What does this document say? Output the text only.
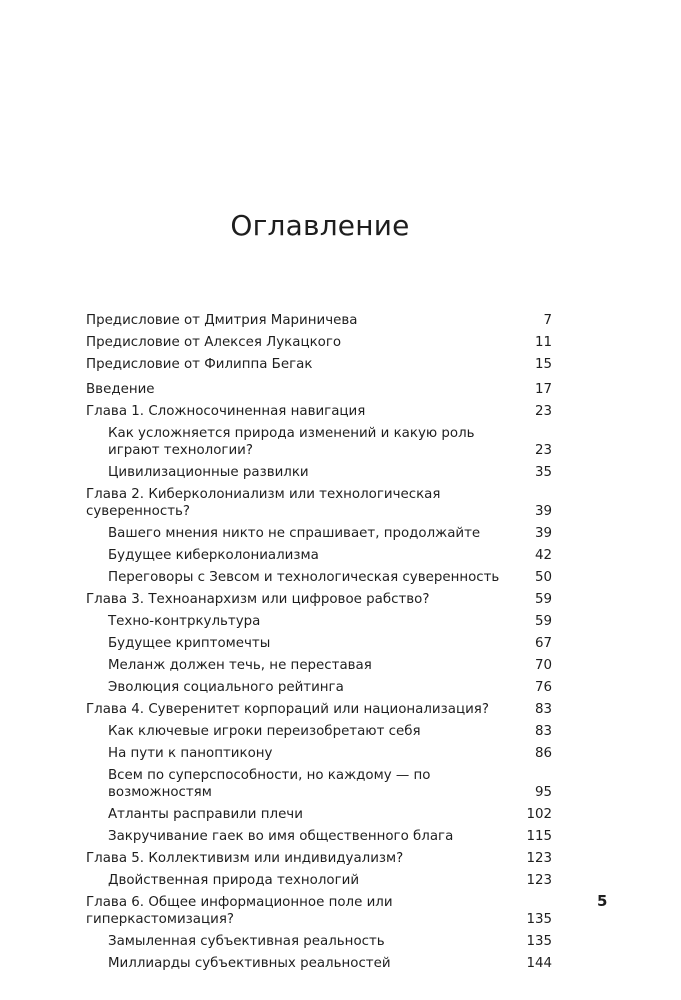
Оглавление
Предисловие от Дмитрия Мариничева	7
Предисловие от Алексея Лукацкого	11
Предисловие от Филиппа Бегак	15
Введение	17
Глава 1. Сложносочиненная навигация	23
Как усложняется природа изменений и какую роль играют технологии?	23
Цивилизационные развилки	35
Глава 2. Киберколониализм или технологическая суверенность?	39
Вашего мнения никто не спрашивает, продолжайте	39
Будущее киберколониализма	42
Переговоры с Зевсом и технологическая суверенность	50
Глава 3. Техноанархизм или цифровое рабство?	59
Техно-контркультура	59
Будущее криптомечты	67
Меланж должен течь, не переставая	70
Эволюция социального рейтинга	76
Глава 4. Суверенитет корпораций или национализация?	83
Как ключевые игроки переизобретают себя	83
На пути к паноптикону	86
Всем по суперспособности, но каждому — по возможностям	95
Атланты расправили плечи	102
Закручивание гаек во имя общественного блага	115
Глава 5. Коллективизм или индивидуализм?	123
Двойственная природа технологий	123
Глава 6. Общее информационное поле или гиперкастомизация?	135
Замыленная субъективная реальность	135
Миллиарды субъективных реальностей	144
5
